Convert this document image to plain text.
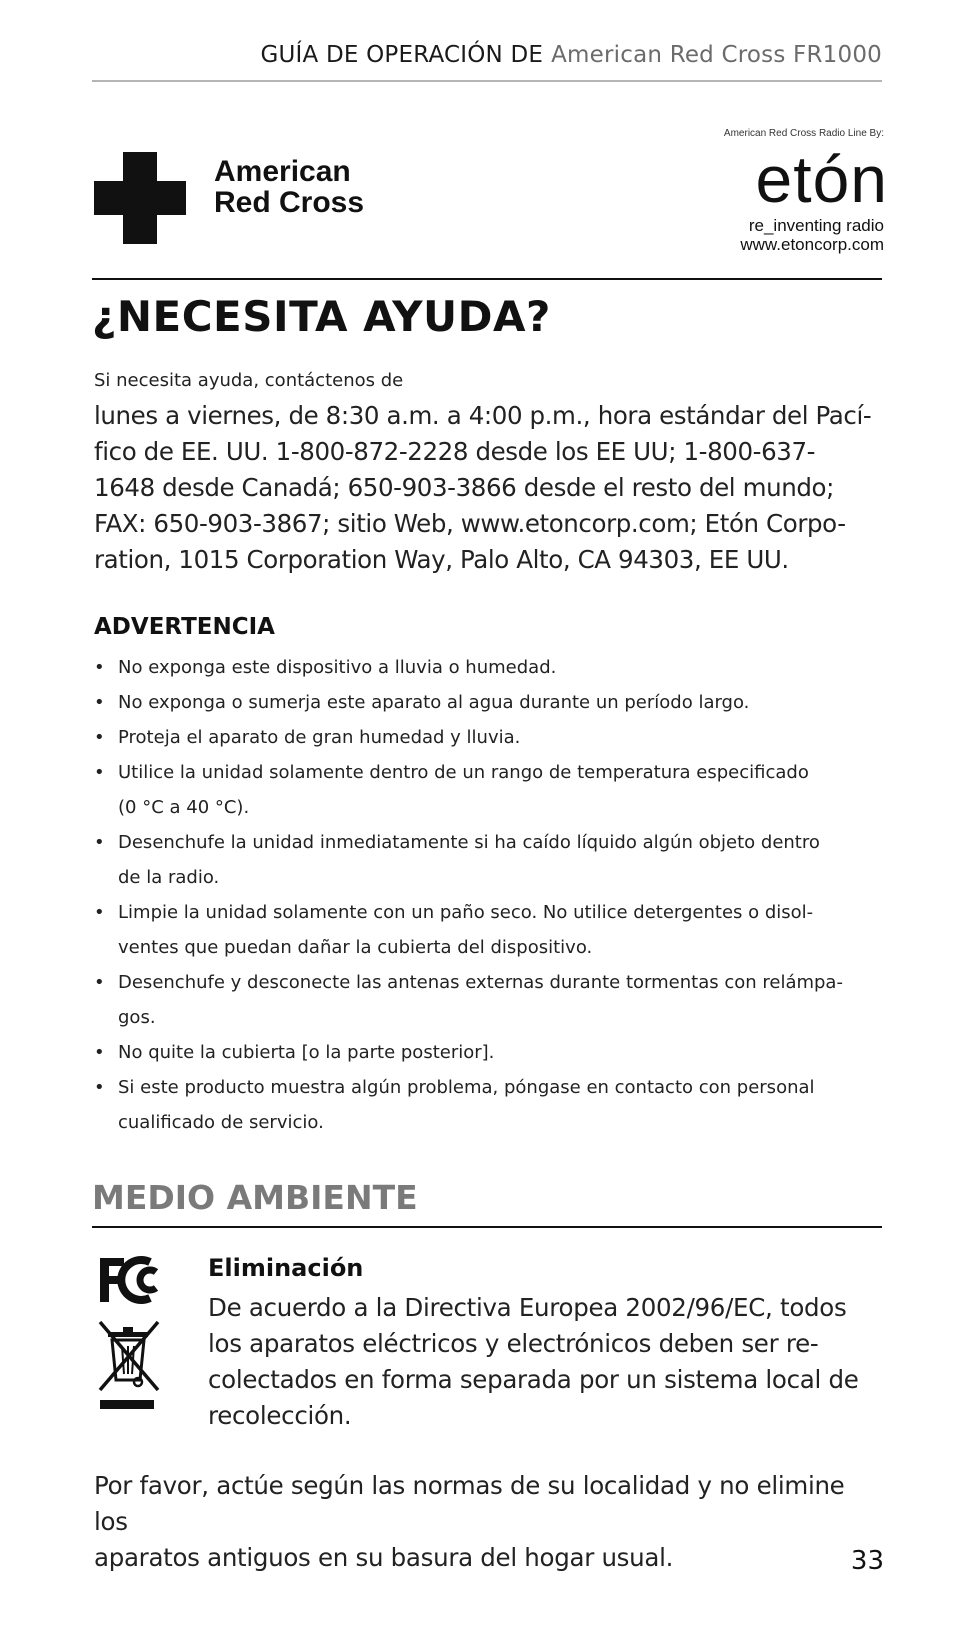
GUÍA DE OPERACIÓN DE American Red Cross FR1000
American
Red Cross
American Red Cross Radio Line By:
etón
re_inventing radio
www.etoncorp.com
¿NECESITA AYUDA?
Si necesita ayuda, contáctenos de
lunes a viernes, de 8:30 a.m. a 4:00 p.m., hora estándar del Pací-
fico de EE. UU. 1-800-872-2228 desde los EE UU; 1-800-637-
1648 desde Canadá; 650-903-3866 desde el resto del mundo;
FAX: 650-903-3867; sitio Web, www.etoncorp.com; Etón Corpo-
ration, 1015 Corporation Way, Palo Alto, CA 94303, EE UU.
ADVERTENCIA
• No exponga este dispositivo a lluvia o humedad.
• No exponga o sumerja este aparato al agua durante un período largo.
• Proteja el aparato de gran humedad y lluvia.
• Utilice la unidad solamente dentro de un rango de temperatura especificado
(0 °C a 40 °C).
• Desenchufe la unidad inmediatamente si ha caído líquido algún objeto dentro
de la radio.
• Limpie la unidad solamente con un paño seco. No utilice detergentes o disol-
ventes que puedan dañar la cubierta del dispositivo.
• Desenchufe y desconecte las antenas externas durante tormentas con relámpa-
gos.
• No quite la cubierta [o la parte posterior].
• Si este producto muestra algún problema, póngase en contacto con personal
cualificado de servicio.
MEDIO AMBIENTE
Eliminación
De acuerdo a la Directiva Europea 2002/96/EC, todos
los aparatos eléctricos y electrónicos deben ser re-
colectados en forma separada por un sistema local de
recolección.
Por favor, actúe según las normas de su localidad y no elimine los
aparatos antiguos en su basura del hogar usual.	33
